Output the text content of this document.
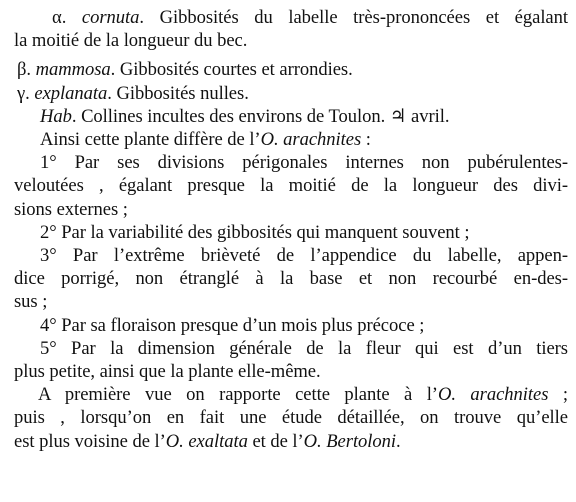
α. cornuta. Gibbosités du labelle très-prononcées et égalant
la moitié de la longueur du bec.
β. mammosa. Gibbosités courtes et arrondies.
γ. explanata. Gibbosités nulles.
Hab. Collines incultes des environs de Toulon. ♃ avril.
Ainsi cette plante diffère de l’O. arachnites :
1° Par ses divisions périgonales internes non pubérulentes-
veloutées , égalant presque la moitié de la longueur des divi-
sions externes ;
2° Par la variabilité des gibbosités qui manquent souvent ;
3° Par l’extrême brièveté de l’appendice du labelle, appen-
dice porrigé, non étranglé à la base et non recourbé en-des-
sus ;
4° Par sa floraison presque d’un mois plus précoce ;
5° Par la dimension générale de la fleur qui est d’un tiers
plus petite, ainsi que la plante elle-même.
A première vue on rapporte cette plante à l’O. arachnites ;
puis , lorsqu’on en fait une étude détaillée, on trouve qu’elle
est plus voisine de l’O. exaltata et de l’O. Bertoloni.
